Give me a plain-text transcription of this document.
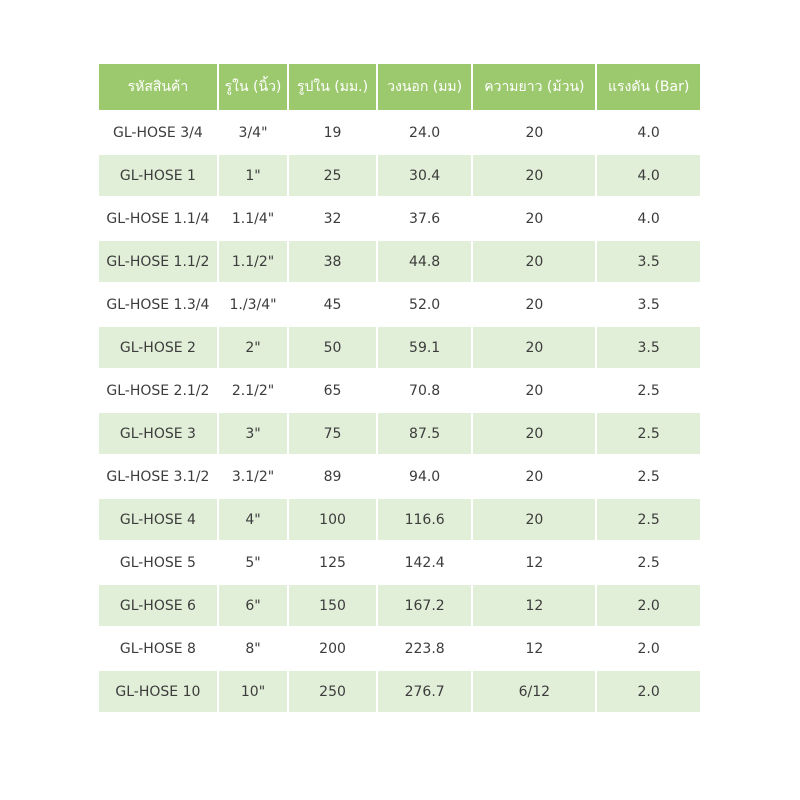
รหัสสินค้า	รูใน (นิ้ว)	รูปใน (มม.)	วงนอก (มม)	ความยาว (ม้วน)	แรงดัน (Bar)
GL-HOSE 3/4	3/4"	19	24.0	20	4.0
GL-HOSE 1	1"	25	30.4	20	4.0
GL-HOSE 1.1/4	1.1/4"	32	37.6	20	4.0
GL-HOSE 1.1/2	1.1/2"	38	44.8	20	3.5
GL-HOSE 1.3/4	1./3/4"	45	52.0	20	3.5
GL-HOSE 2	2"	50	59.1	20	3.5
GL-HOSE 2.1/2	2.1/2"	65	70.8	20	2.5
GL-HOSE 3	3"	75	87.5	20	2.5
GL-HOSE 3.1/2	3.1/2"	89	94.0	20	2.5
GL-HOSE 4	4"	100	116.6	20	2.5
GL-HOSE 5	5"	125	142.4	12	2.5
GL-HOSE 6	6"	150	167.2	12	2.0
GL-HOSE 8	8"	200	223.8	12	2.0
GL-HOSE 10	10"	250	276.7	6/12	2.0
